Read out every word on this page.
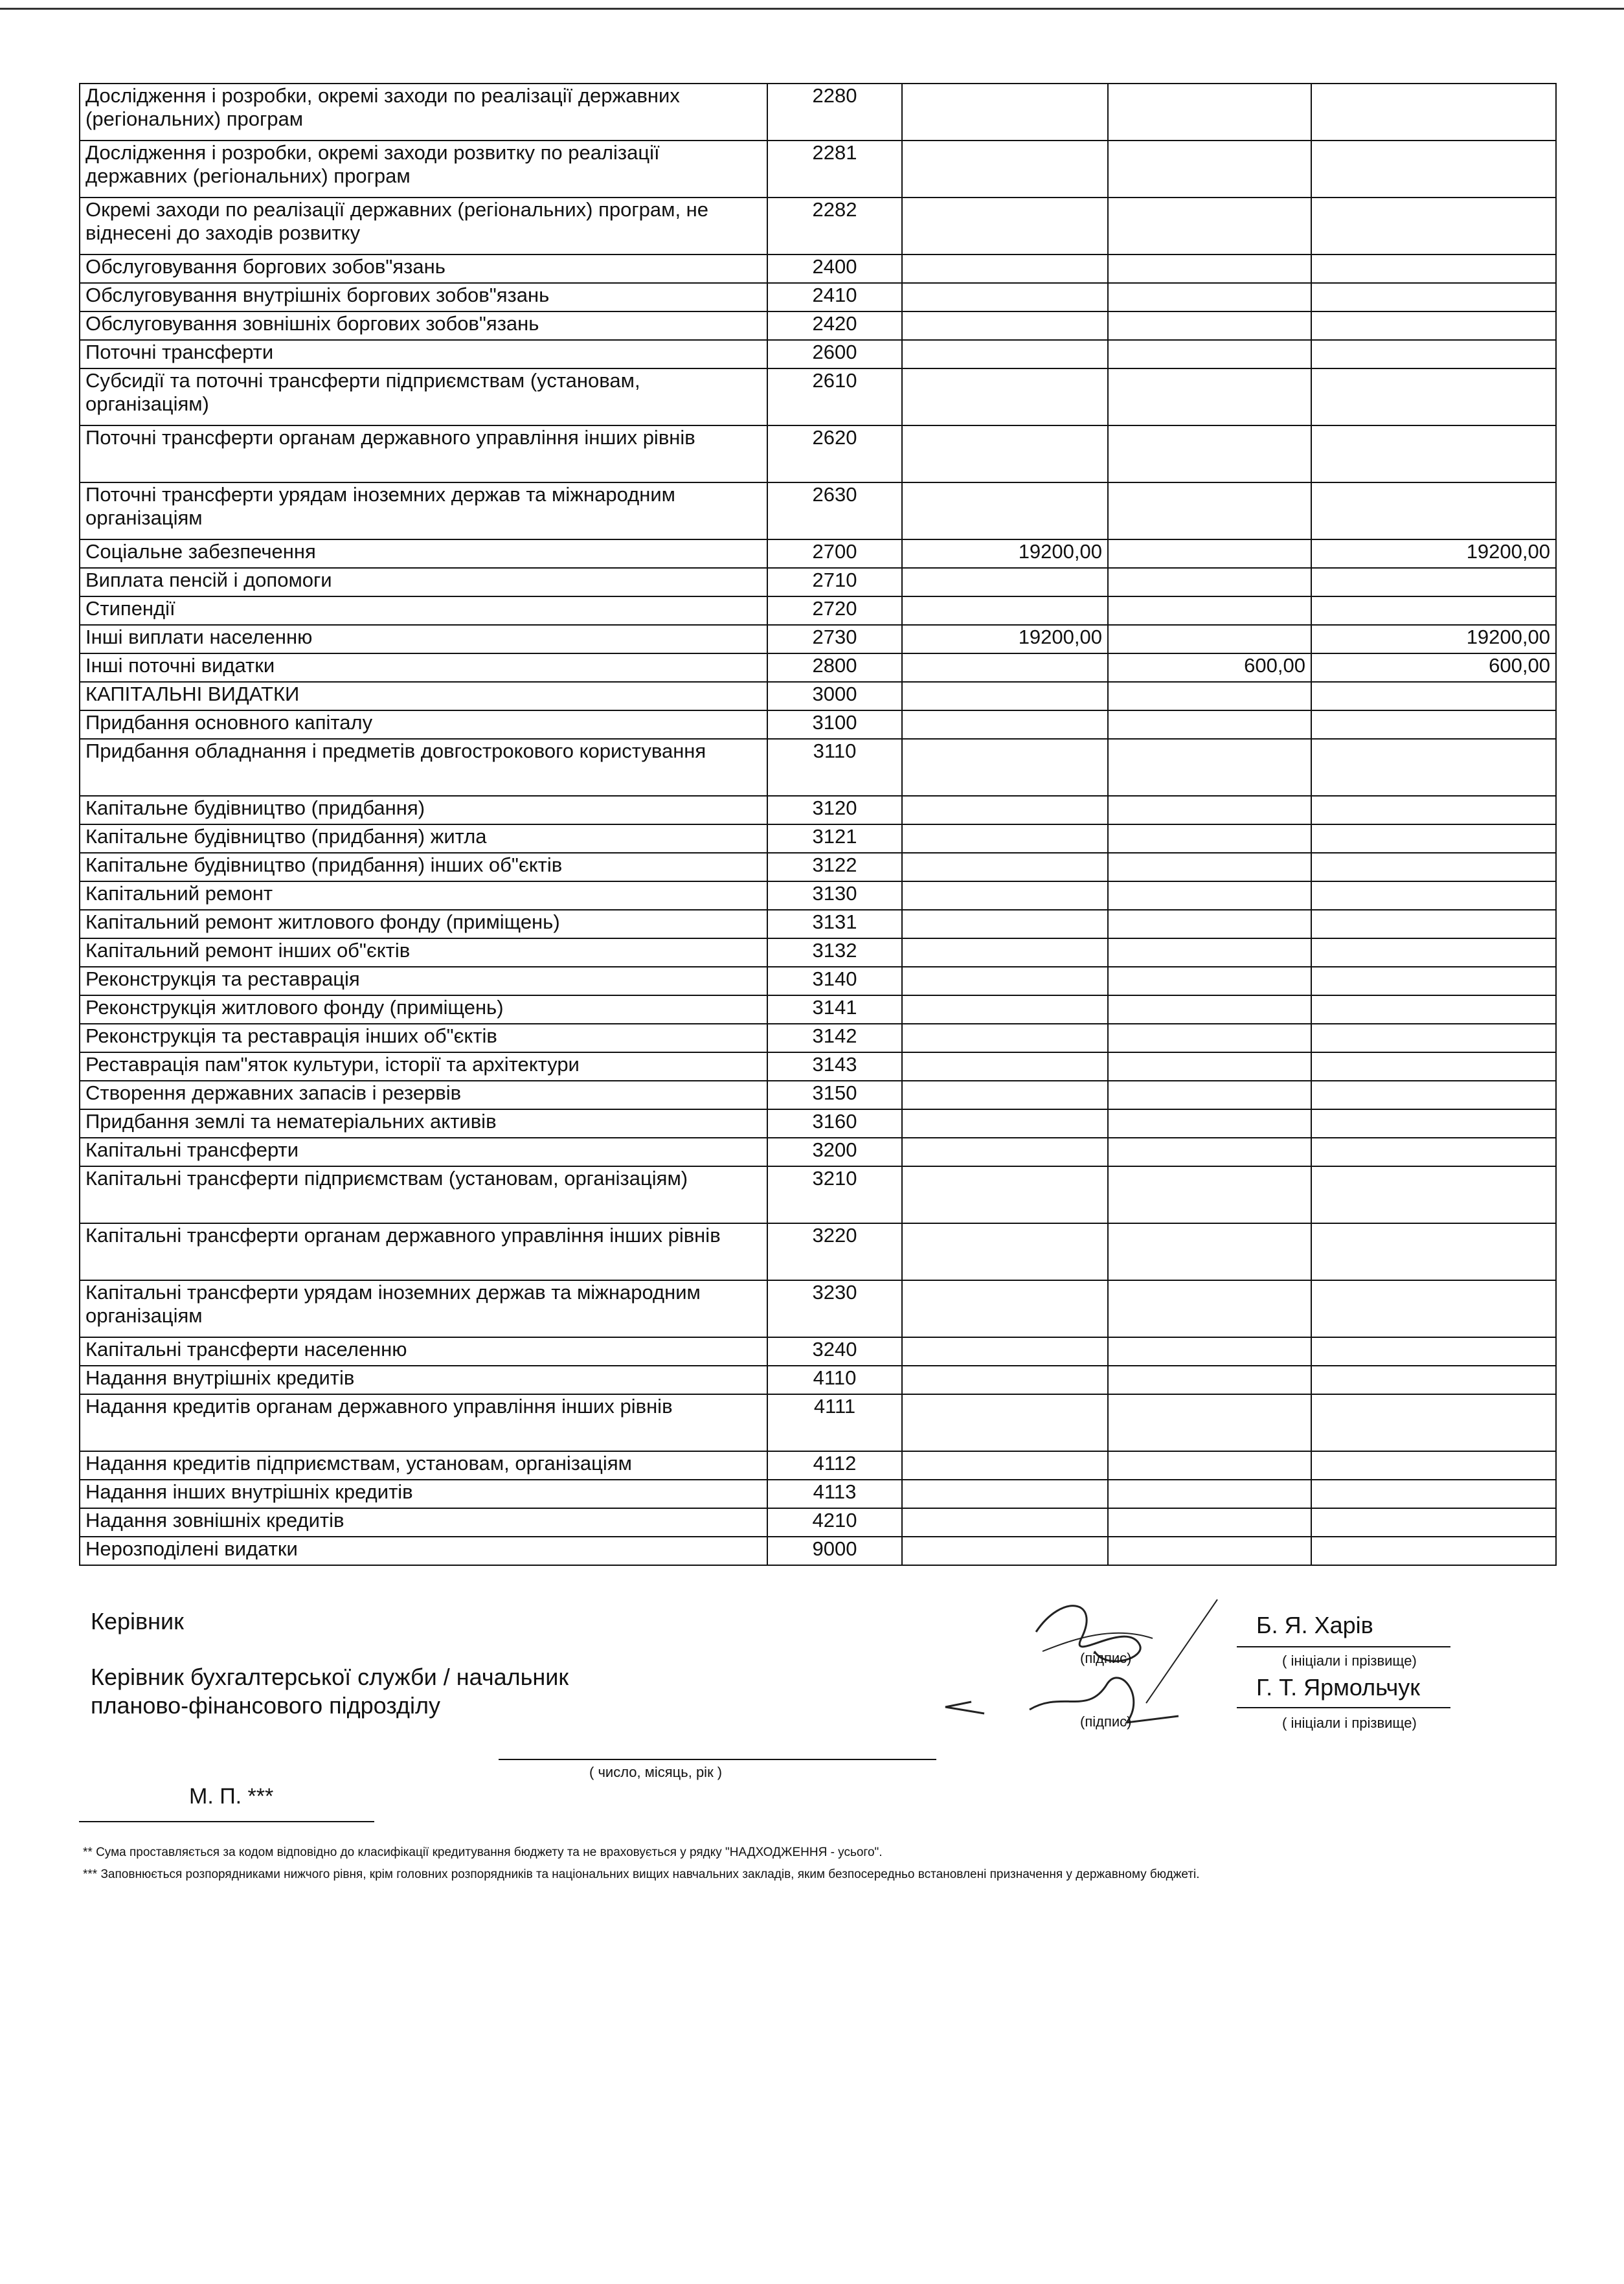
Дослідження і розробки, окремі заходи по реалізації державних (регіональних) програм	2280			
Дослідження і розробки, окремі заходи розвитку по реалізації державних (регіональних) програм	2281			
Окремі заходи по реалізації державних (регіональних) програм, не віднесені до заходів розвитку	2282			
Обслуговування боргових зобов"язань	2400			
Обслуговування внутрішніх боргових зобов"язань	2410			
Обслуговування зовнішніх боргових зобов"язань	2420			
Поточні трансферти	2600			
Субсидії та поточні трансферти підприємствам (установам, організаціям)	2610			
Поточні трансферти органам державного управління інших рівнів	2620			
Поточні трансферти урядам іноземних держав та міжнародним організаціям	2630			
Соціальне забезпечення	2700	19200,00		19200,00
Виплата пенсій і допомоги	2710			
Стипендії	2720			
Інші виплати населенню	2730	19200,00		19200,00
Інші поточні видатки	2800		600,00	600,00
КАПІТАЛЬНІ ВИДАТКИ	3000			
Придбання основного капіталу	3100			
Придбання обладнання і предметів довгострокового користування	3110			
Капітальне будівництво (придбання)	3120			
Капітальне будівництво (придбання) житла	3121			
Капітальне будівництво (придбання) інших об"єктів	3122			
Капітальний ремонт	3130			
Капітальний ремонт житлового фонду (приміщень)	3131			
Капітальний ремонт інших об"єктів	3132			
Реконструкція та реставрація	3140			
Реконструкція житлового фонду (приміщень)	3141			
Реконструкція та реставрація інших об"єктів	3142			
Реставрація пам"яток культури, історії та архітектури	3143			
Створення державних запасів і резервів	3150			
Придбання землі та нематеріальних активів	3160			
Капітальні трансферти	3200			
Капітальні трансферти підприємствам (установам, організаціям)	3210			
Капітальні трансферти органам державного управління інших рівнів	3220			
Капітальні трансферти урядам іноземних держав та міжнародним організаціям	3230			
Капітальні трансферти населенню	3240			
Надання внутрішніх кредитів	4110			
Надання кредитів органам державного управління інших рівнів	4111			
Надання кредитів підприємствам, установам, організаціям	4112			
Надання інших внутрішніх кредитів	4113			
Надання зовнішніх кредитів	4210			
Нерозподілені видатки	9000			
Керівник
Керівник бухгалтерської служби / начальник
планово-фінансового підрозділу
(підпис)
(підпис)
Б. Я. Харів
( ініціали і прізвище)
Г. Т. Ярмольчук
( ініціали і прізвище)
( число, місяць, рік )
М. П. ***
** Сума проставляється за кодом відповідно до класифікації кредитування бюджету та не враховується у рядку "НАДХОДЖЕННЯ - усього".
*** Заповнюється розпорядниками нижчого рівня, крім головних розпорядників та національних вищих навчальних закладів, яким безпосередньо встановлені призначення у державному бюджеті.
